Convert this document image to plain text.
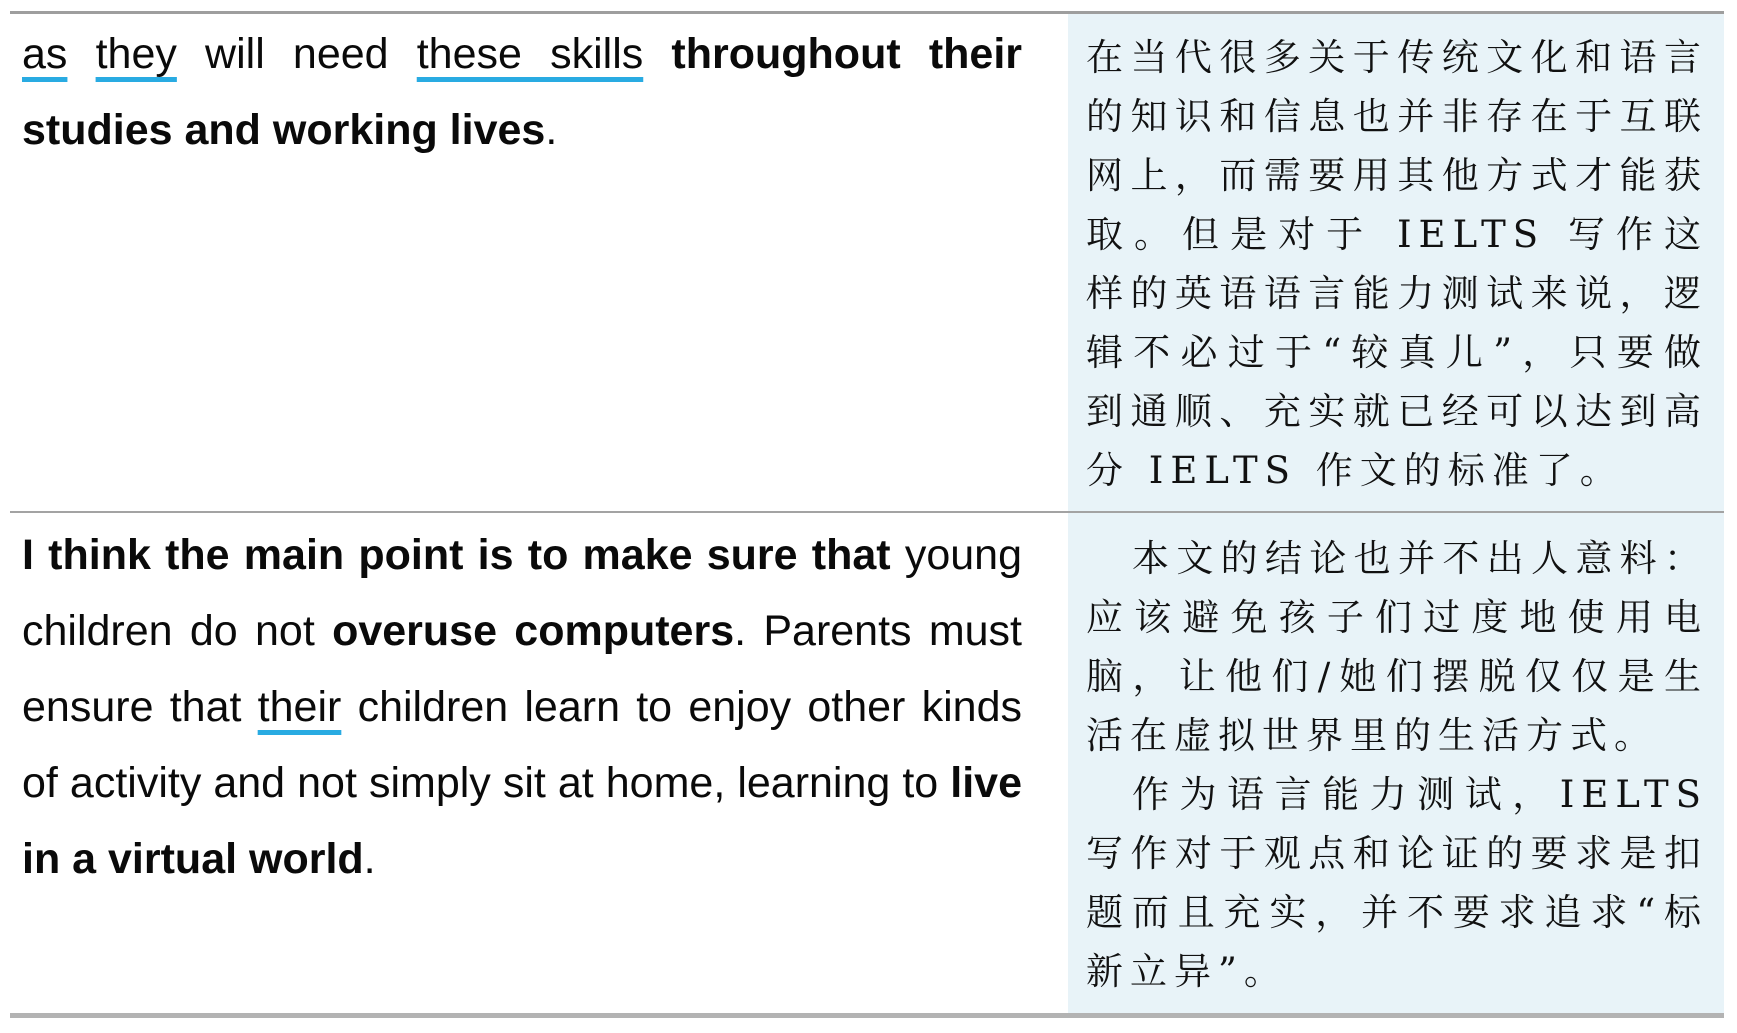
as they will need these skills throughout their studies and working lives.

在当代很多关于传统文化和语言的知识和信息也并非存在于互联网上，而需要用其他方式才能获取。但是对于 IELTS 写作这样的英语语言能力测试来说，逻辑不必过于“较真儿”，只要做到通顺、充实就已经可以达到高分 IELTS 作文的标准了。

I think the main point is to make sure that young children do not overuse computers. Parents must ensure that their children learn to enjoy other kinds of activity and not simply sit at home, learning to live in a virtual world.

本文的结论也并不出人意料：应该避免孩子们过度地使用电脑，让他们/她们摆脱仅仅是生活在虚拟世界里的生活方式。

作为语言能力测试，IELTS 写作对于观点和论证的要求是扣题而且充实，并不要求追求“标新立异”。
